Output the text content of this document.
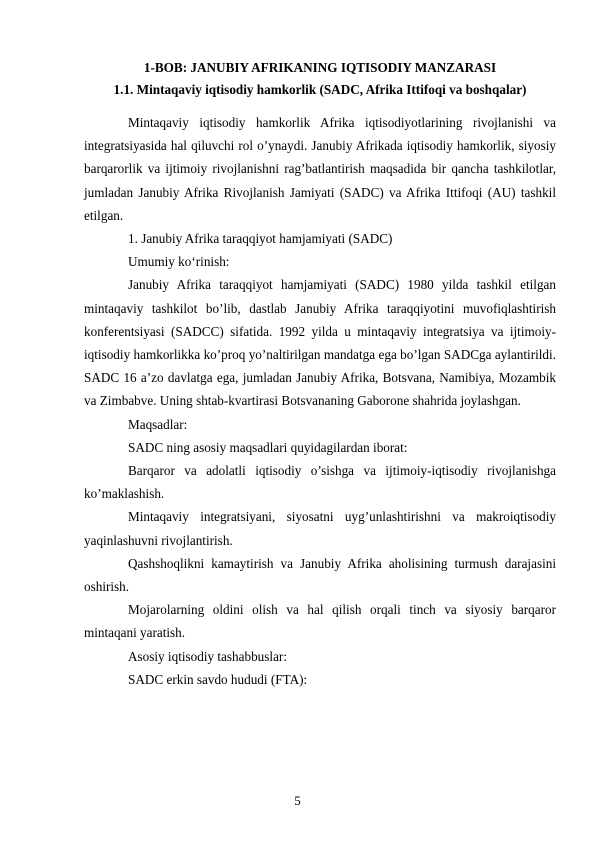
1-BOB: JANUBIY AFRIKANING IQTISODIY MANZARASI
1.1. Mintaqaviy iqtisodiy hamkorlik (SADC, Afrika Ittifoqi va boshqalar)

Mintaqaviy iqtisodiy hamkorlik Afrika iqtisodiyotlarining rivojlanishi va integratsiyasida hal qiluvchi rol o’ynaydi. Janubiy Afrikada iqtisodiy hamkorlik, siyosiy barqarorlik va ijtimoiy rivojlanishni rag’batlantirish maqsadida bir qancha tashkilotlar, jumladan Janubiy Afrika Rivojlanish Jamiyati (SADC) va Afrika Ittifoqi (AU) tashkil etilgan.

1. Janubiy Afrika taraqqiyot hamjamiyati (SADC)

Umumiy ko‘rinish:

Janubiy Afrika taraqqiyot hamjamiyati (SADC) 1980 yilda tashkil etilgan mintaqaviy tashkilot bo’lib, dastlab Janubiy Afrika taraqqiyotini muvofiqlashtirish konferentsiyasi (SADCC) sifatida. 1992 yilda u mintaqaviy integratsiya va ijtimoiy-iqtisodiy hamkorlikka ko’proq yo’naltirilgan mandatga ega bo’lgan SADCga aylantirildi. SADC 16 a’zo davlatga ega, jumladan Janubiy Afrika, Botsvana, Namibiya, Mozambik va Zimbabve. Uning shtab-kvartirasi Botsvananing Gaborone shahrida joylashgan.

Maqsadlar:

SADC ning asosiy maqsadlari quyidagilardan iborat:

Barqaror va adolatli iqtisodiy o’sishga va ijtimoiy-iqtisodiy rivojlanishga ko’maklashish.

Mintaqaviy integratsiyani, siyosatni uyg’unlashtirishni va makroiqtisodiy yaqinlashuvni rivojlantirish.

Qashshoqlikni kamaytirish va Janubiy Afrika aholisining turmush darajasini oshirish.

Mojarolarning oldini olish va hal qilish orqali tinch va siyosiy barqaror mintaqani yaratish.

Asosiy iqtisodiy tashabbuslar:

SADC erkin savdo hududi (FTA):

5
